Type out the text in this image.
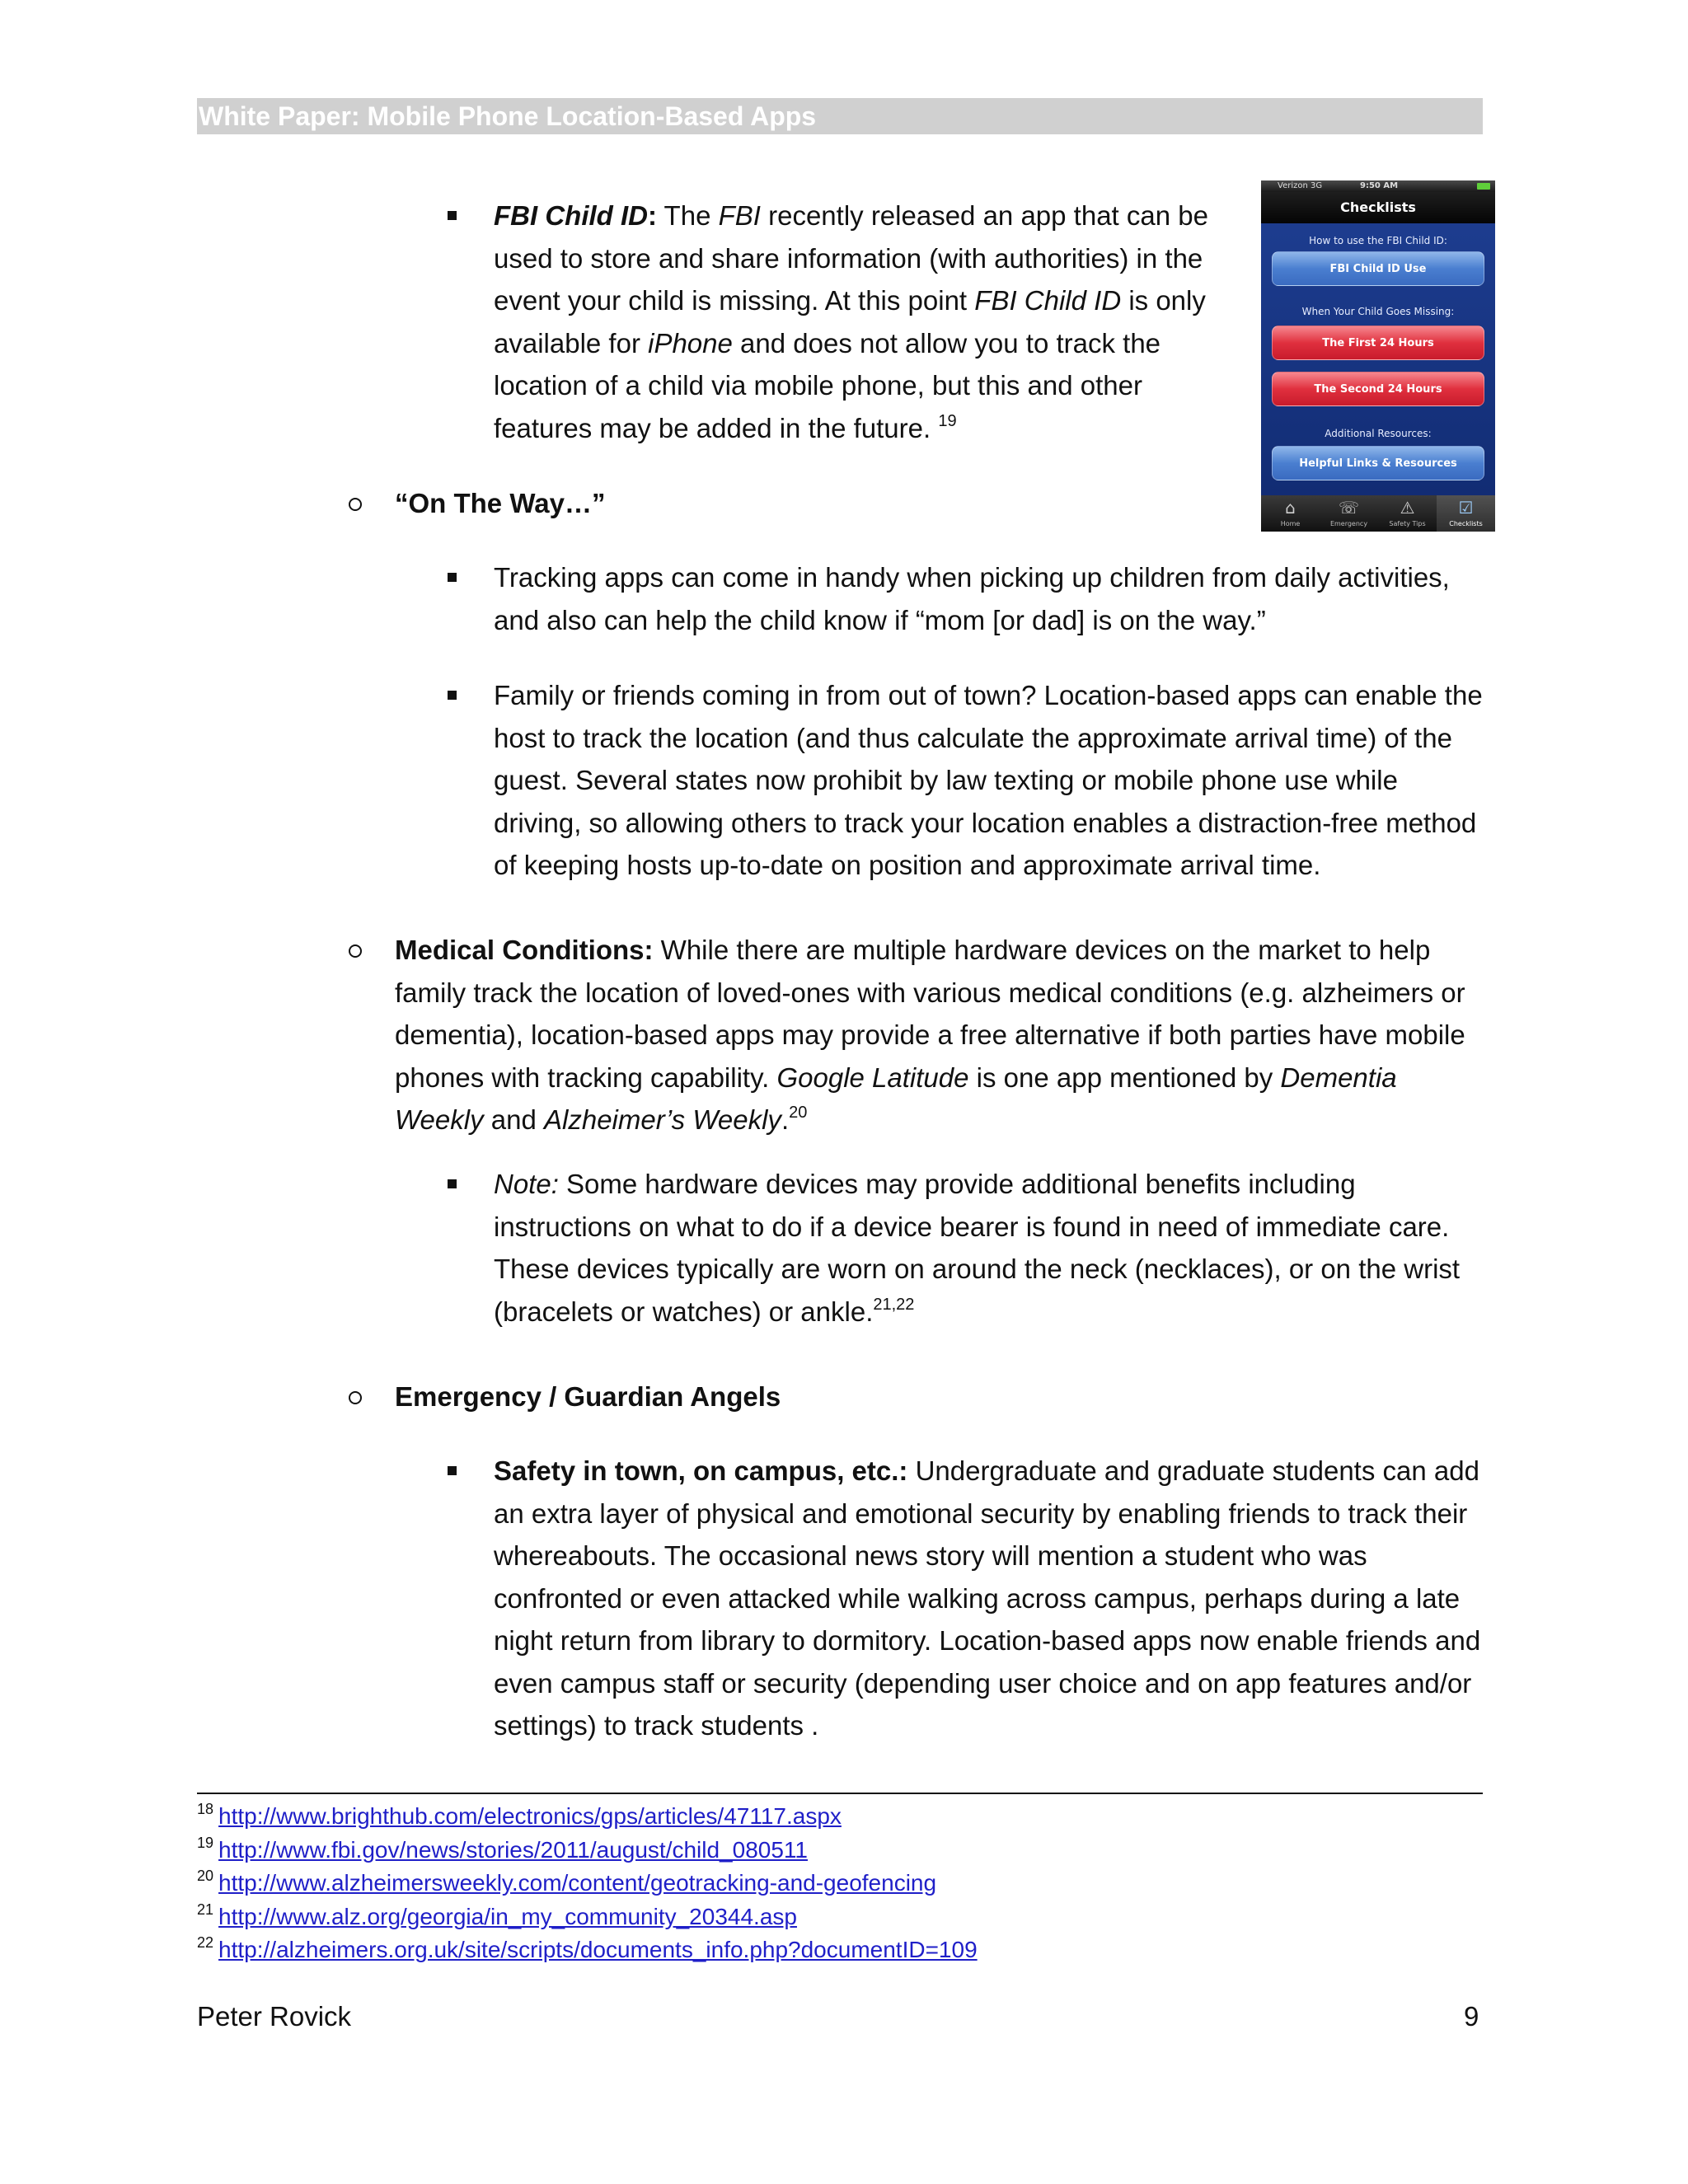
White Paper: Mobile Phone Location-Based Apps
Verizon 3G	9:50 AM
Checklists
How to use the FBI Child ID:
FBI Child ID Use
When Your Child Goes Missing:
The First 24 Hours
The Second 24 Hours
Additional Resources:
Helpful Links & Resources
⌂
Home
☏
Emergency
⚠
Safety Tips
☑
Checklists
FBI Child ID: The FBI recently released an app that can be used to store and share information (with authorities) in the event your child is missing. At this point FBI Child ID is only available for iPhone and does not allow you to track the location of a child via mobile phone, but this and other features may be added in the future. $^{19}$
“On The Way…”
Tracking apps can come in handy when picking up children from daily activities, and also can help the child know if “mom [or dad] is on the way.”
Family or friends coming in from out of town? Location-based apps can enable the host to track the location (and thus calculate the approximate arrival time) of the guest. Several states now prohibit by law texting or mobile phone use while driving, so allowing others to track your location enables a distraction-free method of keeping hosts up-to-date on position and approximate arrival time.
Medical Conditions: While there are multiple hardware devices on the market to help family track the location of loved-ones with various medical conditions (e.g. alzheimers or dementia), location-based apps may provide a free alternative if both parties have mobile phones with tracking capability. Google Latitude is one app mentioned by Dementia Weekly and Alzheimer’s Weekly.$^{20}$
Note: Some hardware devices may provide additional benefits including instructions on what to do if a device bearer is found in need of immediate care. These devices typically are worn on around the neck (necklaces), or on the wrist (bracelets or watches) or ankle.$^{21,22}$
Emergency / Guardian Angels
Safety in town, on campus, etc.: Undergraduate and graduate students can add an extra layer of physical and emotional security by enabling friends to track their whereabouts. The occasional news story will mention a student who was confronted or even attacked while walking across campus, perhaps during a late night return from library to dormitory. Location-based apps now enable friends and even campus staff or security (depending user choice and on app features and/or settings) to track students .
$^{18}$ http://www.brighthub.com/electronics/gps/articles/47117.aspx
$^{19}$ http://www.fbi.gov/news/stories/2011/august/child_080511
$^{20}$ http://www.alzheimersweekly.com/content/geotracking-and-geofencing
$^{21}$ http://www.alz.org/georgia/in_my_community_20344.asp
$^{22}$ http://alzheimers.org.uk/site/scripts/documents_info.php?documentID=109
Peter Rovick	9
